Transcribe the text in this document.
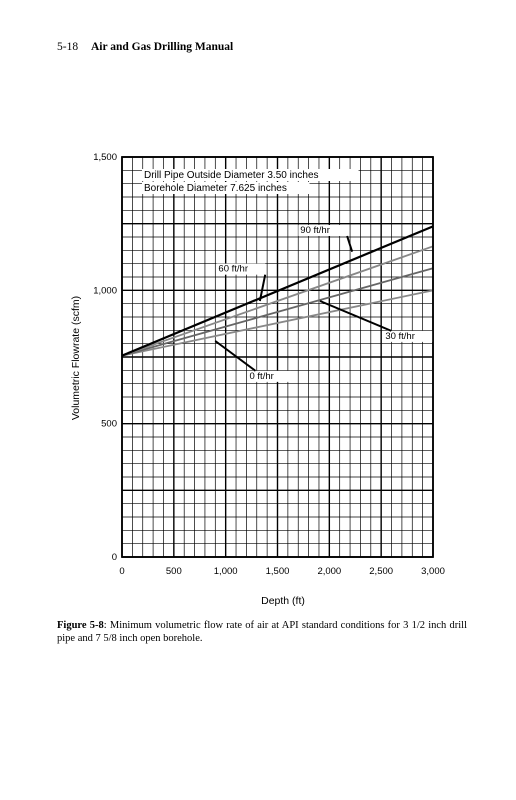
5-18 Air and Gas Drilling Manual
90 ft/hr
60 ft/hr
30 ft/hr
0 ft/hr
Drill Pipe Outside Diameter 3.50 inches
Borehole Diameter 7.625 inches
0	500	1,000	1,500	2,000	2,500	3,000
0
500
1,000
1,500
Depth (ft)
Volumetric Flowrate (scfm)
Figure 5-8: Minimum volumetric flow rate of air at API standard conditions for 3 1/2 inch drill pipe and 7 5/8 inch open borehole.
